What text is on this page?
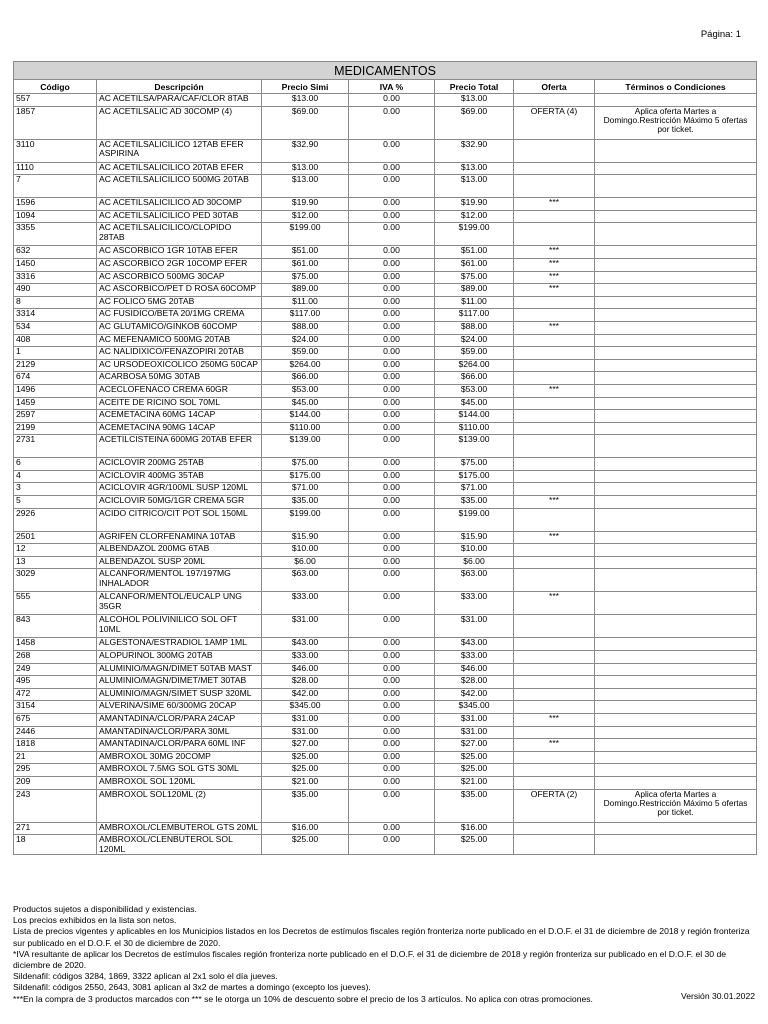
Página: 1
MEDICAMENTOS						
Código	Descripción	Precio Simi	IVA %	Precio Total	Oferta	Términos o Condiciones
557	AC ACETILSA/PARA/CAF/CLOR 8TAB	$13.00	0.00	$13.00		
1857	AC ACETILSALIC AD 30COMP (4)	$69.00	0.00	$69.00	OFERTA (4)	Aplica oferta Martes a Domingo.Restricción Máximo 5 ofertas por ticket.
3110	AC ACETILSALICILICO 12TAB EFER ASPIRINA	$32.90	0.00	$32.90		
1110	AC ACETILSALICILICO 20TAB EFER	$13.00	0.00	$13.00		
7	AC ACETILSALICILICO 500MG 20TAB	$13.00	0.00	$13.00		
1596	AC ACETILSALICILICO AD 30COMP	$19.90	0.00	$19.90	***	
1094	AC ACETILSALICILICO PED 30TAB	$12.00	0.00	$12.00		
3355	AC ACETILSALICILICO/CLOPIDO 28TAB	$199.00	0.00	$199.00		
632	AC ASCORBICO 1GR 10TAB EFER	$51.00	0.00	$51.00	***	
1450	AC ASCORBICO 2GR 10COMP EFER	$61.00	0.00	$61.00	***	
3316	AC ASCORBICO 500MG 30CAP	$75.00	0.00	$75.00	***	
490	AC ASCORBICO/PET D ROSA 60COMP	$89.00	0.00	$89.00	***	
8	AC FOLICO 5MG 20TAB	$11.00	0.00	$11.00		
3314	AC FUSIDICO/BETA 20/1MG CREMA	$117.00	0.00	$117.00		
534	AC GLUTAMICO/GINKOB 60COMP	$88.00	0.00	$88.00	***	
408	AC MEFENAMICO 500MG 20TAB	$24.00	0.00	$24.00		
1	AC NALIDIXICO/FENAZOPIRI 20TAB	$59.00	0.00	$59.00		
2129	AC URSODEOXICOLICO 250MG 50CAP	$264.00	0.00	$264.00		
674	ACARBOSA 50MG 30TAB	$66.00	0.00	$66.00		
1496	ACECLOFENACO CREMA 60GR	$53.00	0.00	$53.00	***	
1459	ACEITE DE RICINO SOL 70ML	$45.00	0.00	$45.00		
2597	ACEMETACINA 60MG 14CAP	$144.00	0.00	$144.00		
2199	ACEMETACINA 90MG 14CAP	$110.00	0.00	$110.00		
2731	ACETILCISTEINA 600MG 20TAB EFER	$139.00	0.00	$139.00		
6	ACICLOVIR 200MG 25TAB	$75.00	0.00	$75.00		
4	ACICLOVIR 400MG 35TAB	$175.00	0.00	$175.00		
3	ACICLOVIR 4GR/100ML SUSP 120ML	$71.00	0.00	$71.00		
5	ACICLOVIR 50MG/1GR CREMA 5GR	$35.00	0.00	$35.00	***	
2926	ACIDO CITRICO/CIT POT SOL 150ML	$199.00	0.00	$199.00		
2501	AGRIFEN CLORFENAMINA 10TAB	$15.90	0.00	$15.90	***	
12	ALBENDAZOL 200MG 6TAB	$10.00	0.00	$10.00		
13	ALBENDAZOL SUSP 20ML	$6.00	0.00	$6.00		
3029	ALCANFOR/MENTOL 197/197MG INHALADOR	$63.00	0.00	$63.00		
555	ALCANFOR/MENTOL/EUCALP UNG 35GR	$33.00	0.00	$33.00	***	
843	ALCOHOL POLIVINILICO SOL OFT 10ML	$31.00	0.00	$31.00		
1458	ALGESTONA/ESTRADIOL 1AMP 1ML	$43.00	0.00	$43.00		
268	ALOPURINOL 300MG 20TAB	$33.00	0.00	$33.00		
249	ALUMINIO/MAGN/DIMET 50TAB MAST	$46.00	0.00	$46.00		
495	ALUMINIO/MAGN/DIMET/MET 30TAB	$28.00	0.00	$28.00		
472	ALUMINIO/MAGN/SIMET SUSP 320ML	$42.00	0.00	$42.00		
3154	ALVERINA/SIME 60/300MG 20CAP	$345.00	0.00	$345.00		
675	AMANTADINA/CLOR/PARA 24CAP	$31.00	0.00	$31.00	***	
2446	AMANTADINA/CLOR/PARA 30ML	$31.00	0.00	$31.00		
1818	AMANTADINA/CLOR/PARA 60ML INF	$27.00	0.00	$27.00	***	
21	AMBROXOL 30MG 20COMP	$25.00	0.00	$25.00		
295	AMBROXOL 7.5MG SOL GTS 30ML	$25.00	0.00	$25.00		
209	AMBROXOL SOL 120ML	$21.00	0.00	$21.00		
243	AMBROXOL SOL120ML (2)	$35.00	0.00	$35.00	OFERTA (2)	Aplica oferta Martes a Domingo.Restricción Máximo 5 ofertas por ticket.
271	AMBROXOL/CLEMBUTEROL GTS 20ML	$16.00	0.00	$16.00		
18	AMBROXOL/CLENBUTEROL SOL 120ML	$25.00	0.00	$25.00		

Productos sujetos a disponibilidad y existencias.

Los precios exhibidos en la lista son netos.

Lista de precios vigentes y aplicables en los Municipios listados en los Decretos de estímulos fiscales región fronteriza norte publicado en el D.O.F. el 31 de diciembre de 2018 y región fronteriza sur publicado en el D.O.F. el 30 de diciembre de 2020.

*IVA resultante de aplicar los Decretos de estímulos fiscales región fronteriza norte publicado en el D.O.F. el 31 de diciembre de 2018 y región fronteriza sur publicado en el D.O.F. el 30 de diciembre de 2020.

Sildenafil: códigos 3284, 1869, 3322 aplican al 2x1 solo el día jueves.

Sildenafil: códigos 2550, 2643, 3081 aplican al 3x2 de martes a domingo (excepto los jueves).

***En la compra de 3 productos marcados con *** se le otorga un 10% de descuento sobre el precio de los 3 artículos. No aplica con otras promociones.	Versión 30.01.2022
